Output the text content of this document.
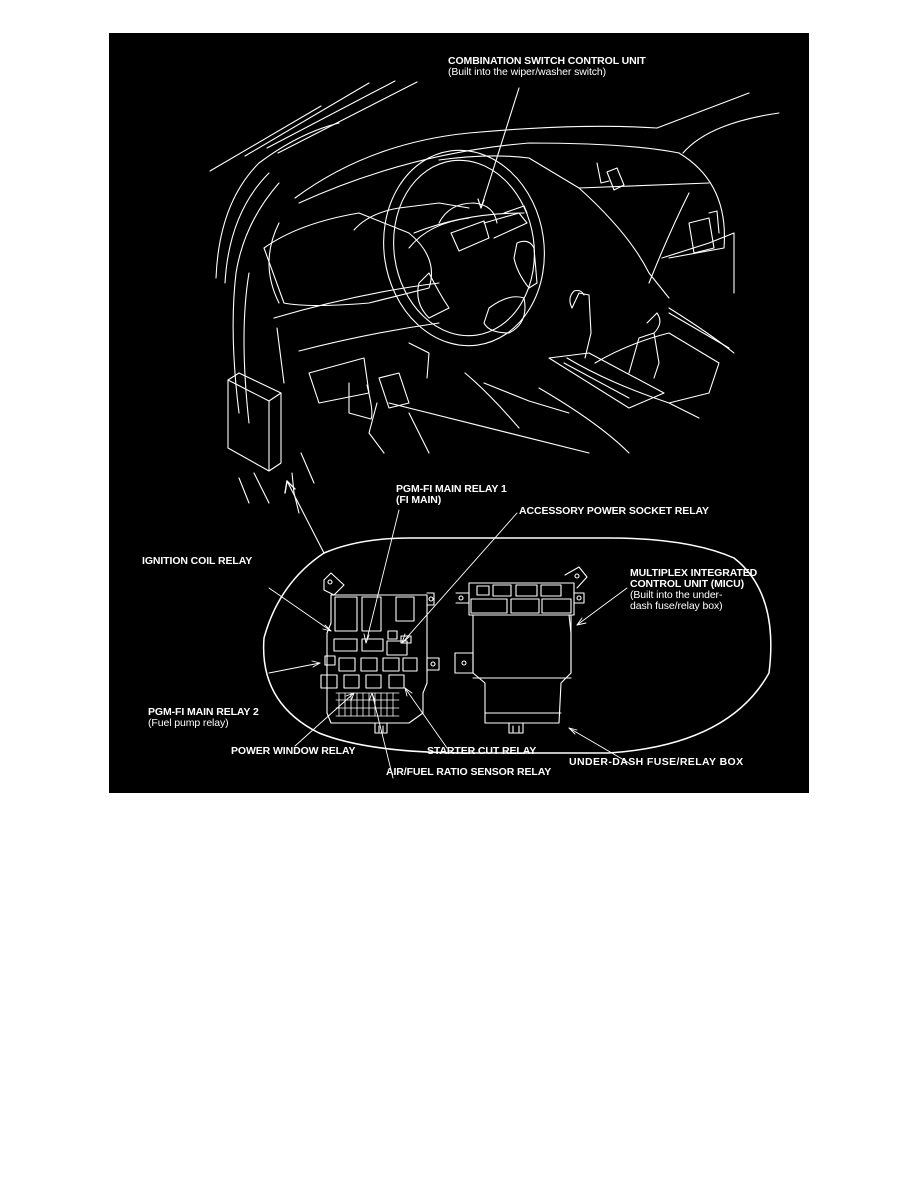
COMBINATION SWITCH CONTROL UNIT
(Built into the wiper/washer switch)
PGM-FI MAIN RELAY 1
(FI MAIN)
ACCESSORY POWER SOCKET RELAY
IGNITION COIL RELAY
MULTIPLEX INTEGRATED
CONTROL UNIT (MICU)
(Built into the under-
dash fuse/relay box)
PGM-FI MAIN RELAY 2
(Fuel pump relay)
POWER WINDOW RELAY	STARTER CUT RELAY
UNDER-DASH FUSE/RELAY BOX
AIR/FUEL RATIO SENSOR RELAY
